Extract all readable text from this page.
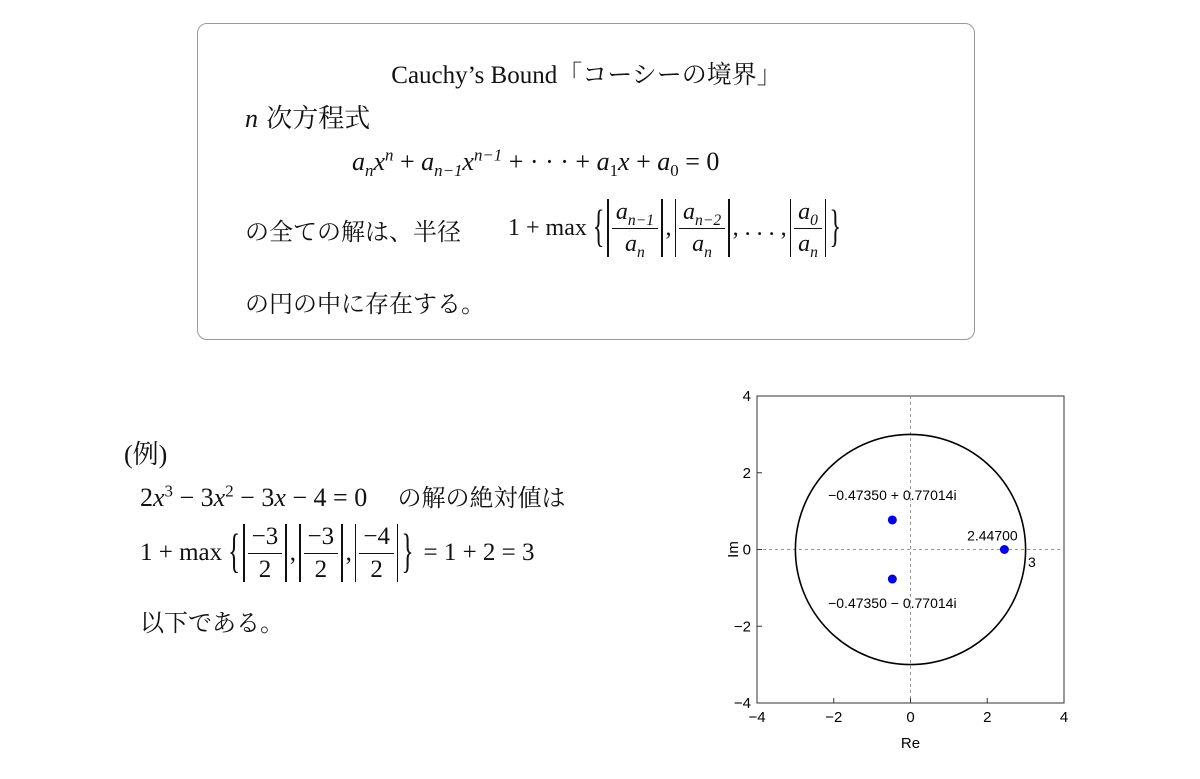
Cauchy’s Bound「コーシーの境界」
n 次方程式
$a_nx^n + a_{n-1}x^{n-1}$ + · · · + $a_1x + a_0 = 0$
の全ての解は、半径 1 + max { $\frac{a_{n-1}}{a_n}$ , $\frac{a_{n-2}}{a_n}$ , . . . , $\frac{a_0}{a_n}$ }
の円の中に存在する。
(例)
$2x^3 - 3x^2 - 3x - 4 = 0$ の解の絶対値は
1 + max { $\frac{-3}{2}$ , $\frac{-3}{2}$ , $\frac{-4}{2}$ } = 1 + 2 = 3
以下である。
Re
Im
−4	−2	0	2	4
4
2
0
−2
−4
−0.47350 + 0.77014i
−0.47350 − 0.77014i
2.44700
3
